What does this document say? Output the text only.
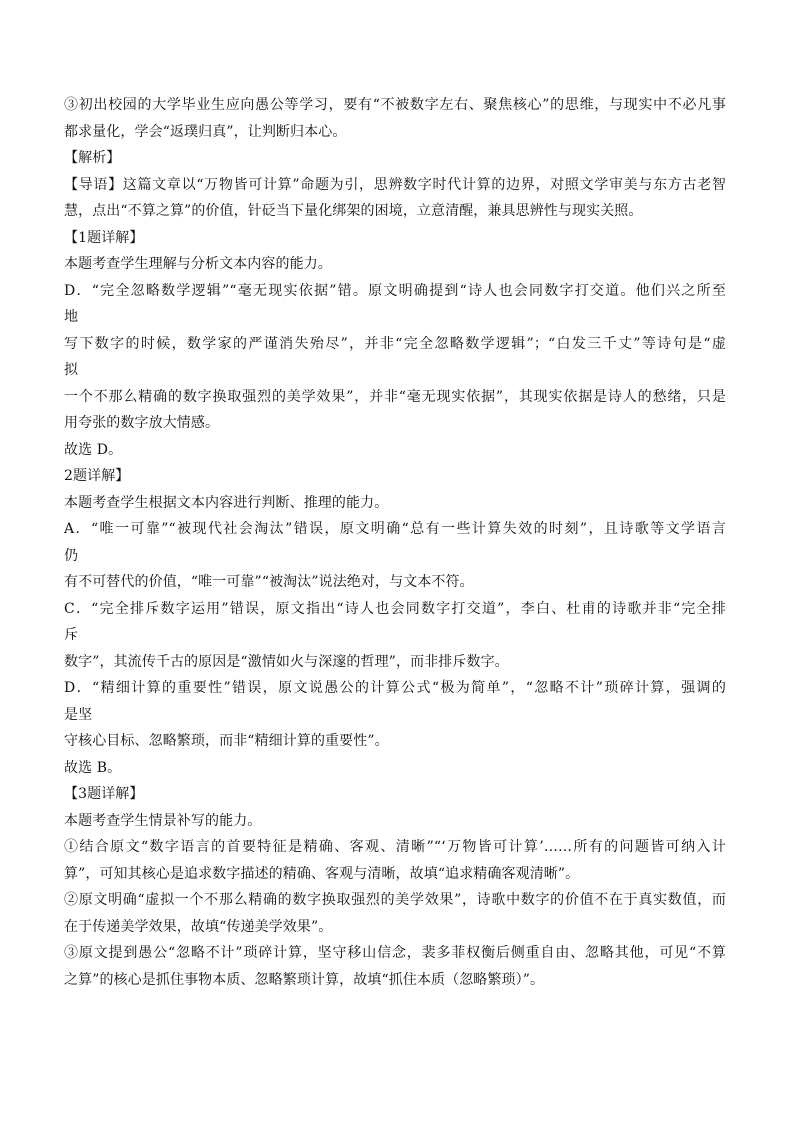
③初出校园的大学毕业生应向愚公等学习，要有“不被数字左右、聚焦核心”的思维，与现实中不必凡事
都求量化，学会“返璞归真”，让判断归本心。
【解析】
【导语】这篇文章以“万物皆可计算”命题为引，思辨数字时代计算的边界，对照文学审美与东方古老智
慧，点出“不算之算”的价值，针砭当下量化绑架的困境，立意清醒，兼具思辨性与现实关照。
【1题详解】
本题考查学生理解与分析文本内容的能力。
D．“完全忽略数学逻辑”“毫无现实依据”错。原文明确提到“诗人也会同数字打交道。他们兴之所至
地
写下数字的时候，数学家的严谨消失殆尽”，并非“完全忽略数学逻辑”；“白发三千丈”等诗句是“虚
拟
一个不那么精确的数字换取强烈的美学效果”，并非“毫无现实依据”，其现实依据是诗人的愁绪，只是
用夸张的数字放大情感。
故选 D。
2题详解】
本题考查学生根据文本内容进行判断、推理的能力。
A．“唯一可靠”“被现代社会淘汰”错误，原文明确“总有一些计算失效的时刻”，且诗歌等文学语言
仍
有不可替代的价值，“唯一可靠”“被淘汰”说法绝对，与文本不符。
C．“完全排斥数字运用”错误，原文指出“诗人也会同数字打交道”，李白、杜甫的诗歌并非“完全排
斥
数字”，其流传千古的原因是“激情如火与深邃的哲理”，而非排斥数字。
D．“精细计算的重要性”错误，原文说愚公的计算公式“极为简单”，“忽略不计”琐碎计算，强调的
是坚
守核心目标、忽略繁琐，而非“精细计算的重要性”。
故选 B。
【3题详解】
本题考查学生情景补写的能力。
①结合原文“数字语言的首要特征是精确、客观、清晰”“‘万物皆可计算’……所有的问题皆可纳入计
算”，可知其核心是追求数字描述的精确、客观与清晰，故填“追求精确客观清晰”。
②原文明确“虚拟一个不那么精确的数字换取强烈的美学效果”，诗歌中数字的价值不在于真实数值，而
在于传递美学效果，故填“传递美学效果”。
③原文提到愚公“忽略不计”琐碎计算，坚守移山信念，裴多菲权衡后侧重自由、忽略其他，可见“不算
之算”的核心是抓住事物本质、忽略繁琐计算，故填“抓住本质（忽略繁琐）”。
